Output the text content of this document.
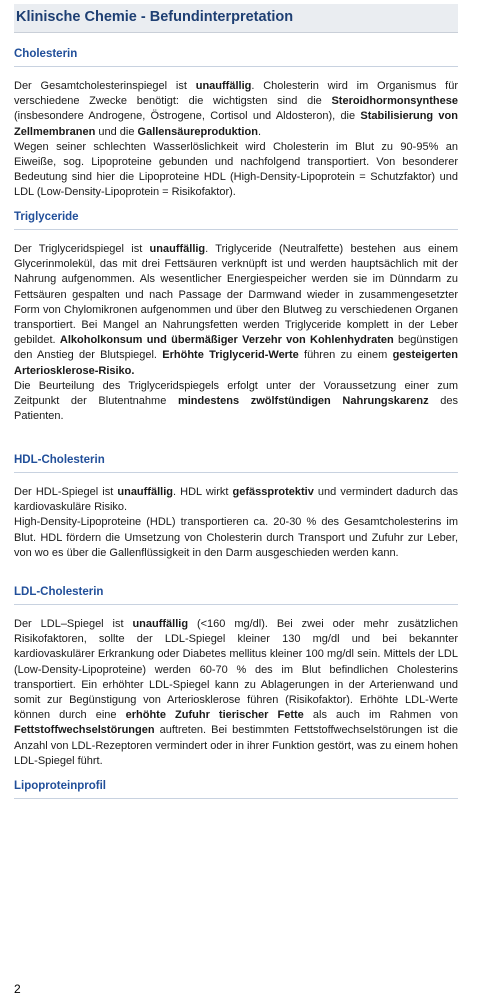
Klinische Chemie - Befundinterpretation
Cholesterin

Der Gesamtcholesterinspiegel ist unauffällig. Cholesterin wird im Organismus für verschiedene Zwecke benötigt: die wichtigsten sind die Steroidhormonsynthese (insbesondere Androgene, Östrogene, Cortisol und Aldosteron), die Stabilisierung von Zellmembranen und die Gallensäureproduktion.

Wegen seiner schlechten Wasserlöslichkeit wird Cholesterin im Blut zu 90-95% an Eiweiße, sog. Lipoproteine gebunden und nachfolgend transportiert. Von besonderer Bedeutung sind hier die Lipoproteine HDL (High-Density-Lipoprotein = Schutzfaktor) und LDL (Low-Density-Lipoprotein = Risikofaktor).

Triglyceride

Der Triglyceridspiegel ist unauffällig. Triglyceride (Neutralfette) bestehen aus einem Glycerinmolekül, das mit drei Fettsäuren verknüpft ist und werden hauptsächlich mit der Nahrung aufgenommen. Als wesentlicher Energiespeicher werden sie im Dünndarm zu Fettsäuren gespalten und nach Passage der Darmwand wieder in zusammengesetzter Form von Chylomikronen aufgenommen und über den Blutweg zu verschiedenen Organen transportiert. Bei Mangel an Nahrungsfetten werden Triglyceride komplett in der Leber gebildet. Alkoholkonsum und übermäßiger Verzehr von Kohlenhydraten begünstigen den Anstieg der Blutspiegel. Erhöhte Triglycerid-Werte führen zu einem gesteigerten Arteriosklerose-Risiko.

Die Beurteilung des Triglyceridspiegels erfolgt unter der Voraussetzung einer zum Zeitpunkt der Blutentnahme mindestens zwölfstündigen Nahrungskarenz des Patienten.

HDL-Cholesterin

Der HDL-Spiegel ist unauffällig. HDL wirkt gefässprotektiv und vermindert dadurch das kardiovaskuläre Risiko.

High-Density-Lipoproteine (HDL) transportieren ca. 20-30 % des Gesamtcholesterins im Blut. HDL fördern die Umsetzung von Cholesterin durch Transport und Zufuhr zur Leber, von wo es über die Gallenflüssigkeit in den Darm ausgeschieden werden kann.

LDL-Cholesterin

Der LDL–Spiegel ist unauffällig (<160 mg/dl). Bei zwei oder mehr zusätzlichen Risikofaktoren, sollte der LDL-Spiegel kleiner 130 mg/dl und bei bekannter kardiovaskulärer Erkrankung oder Diabetes mellitus kleiner 100 mg/dl sein. Mittels der LDL (Low-Density-Lipoproteine) werden 60-70 % des im Blut befindlichen Cholesterins transportiert. Ein erhöhter LDL-Spiegel kann zu Ablagerungen in der Arterienwand und somit zur Begünstigung von Arteriosklerose führen (Risikofaktor). Erhöhte LDL-Werte können durch eine erhöhte Zufuhr tierischer Fette als auch im Rahmen von Fettstoffwechselstörungen auftreten. Bei bestimmten Fettstoffwechselstörungen ist die Anzahl von LDL-Rezeptoren vermindert oder in ihrer Funktion gestört, was zu einem hohen LDL-Spiegel führt.

Lipoproteinprofil
2
